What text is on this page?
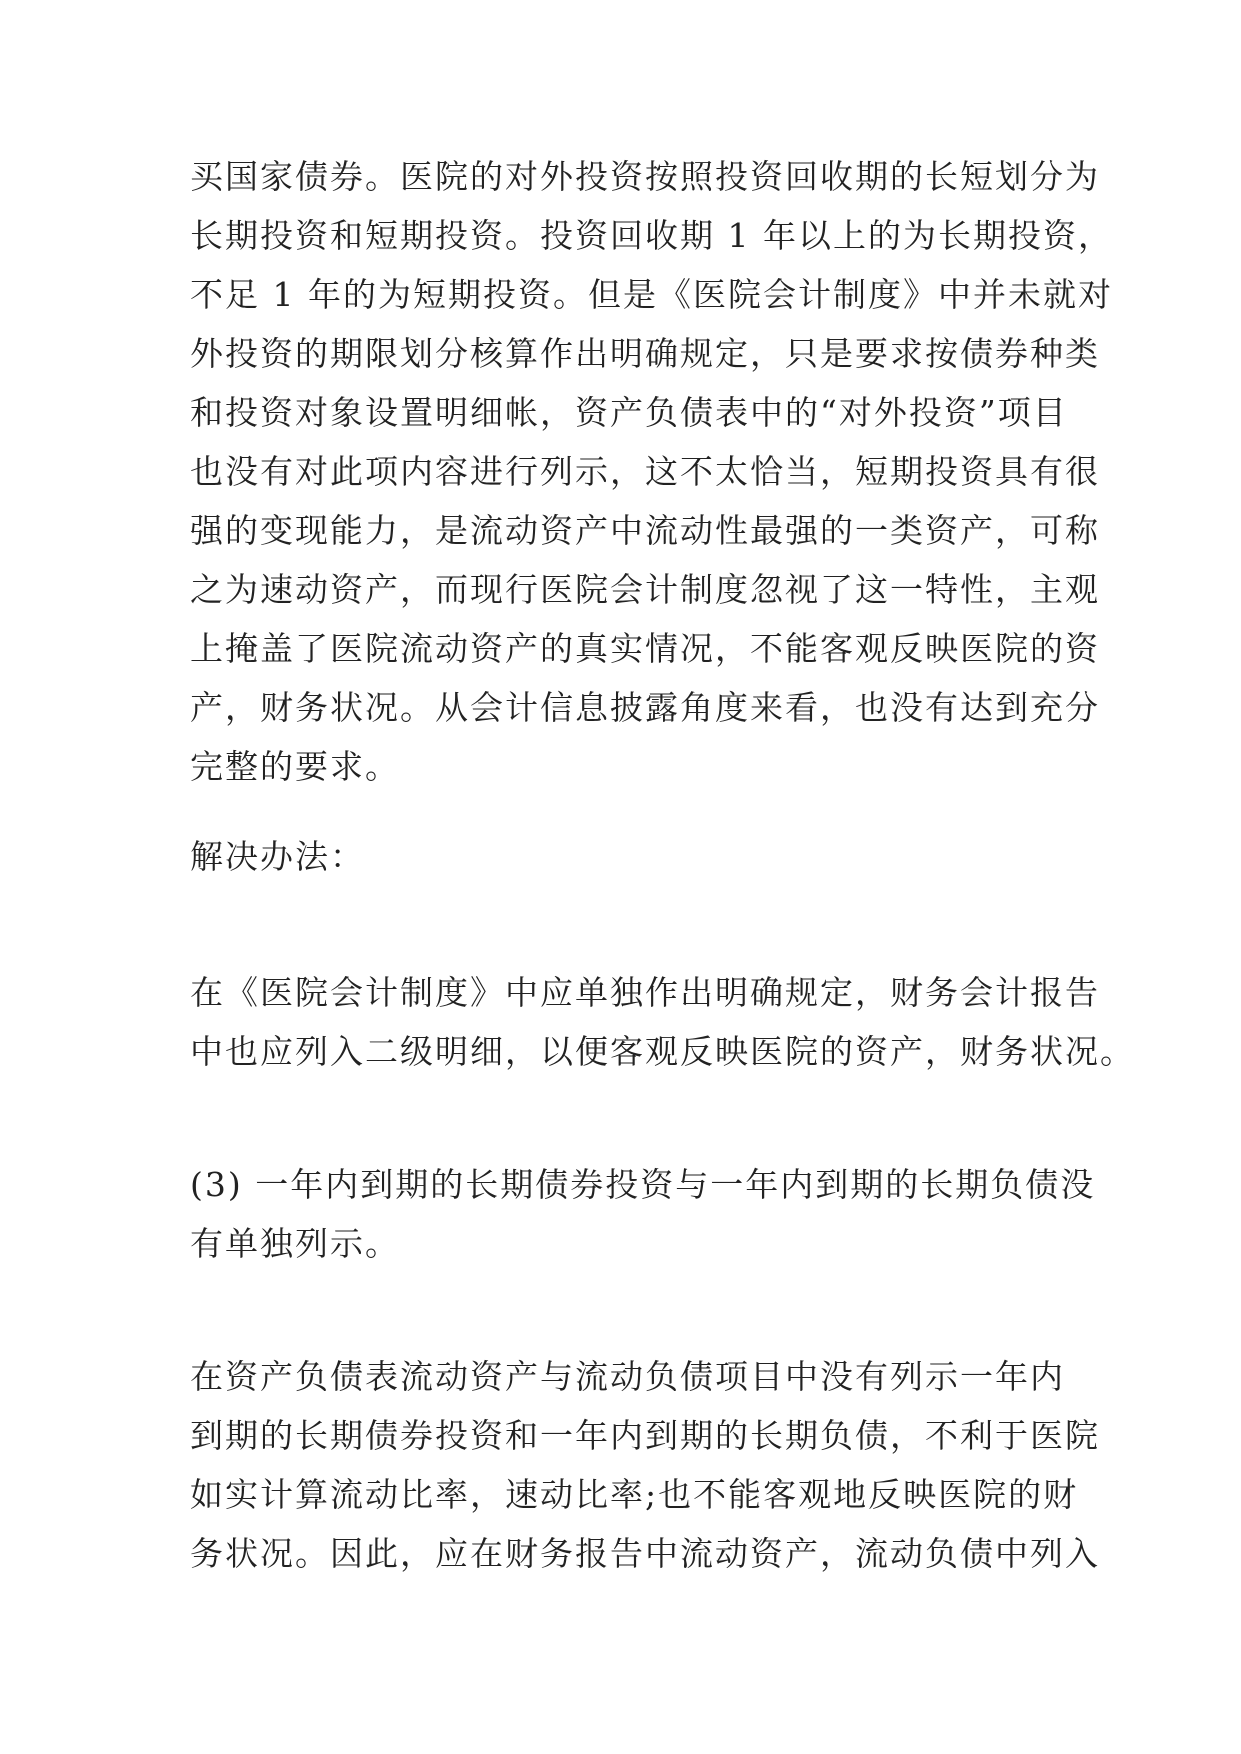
买国家债券。医院的对外投资按照投资回收期的长短划分为
长期投资和短期投资。投资回收期 1 年以上的为长期投资，
不足 1 年的为短期投资。但是《医院会计制度》中并未就对
外投资的期限划分核算作出明确规定，只是要求按债券种类
和投资对象设置明细帐，资产负债表中的“对外投资”项目
也没有对此项内容进行列示，这不太恰当，短期投资具有很
强的变现能力，是流动资产中流动性最强的一类资产，可称
之为速动资产，而现行医院会计制度忽视了这一特性，主观
上掩盖了医院流动资产的真实情况，不能客观反映医院的资
产，财务状况。从会计信息披露角度来看，也没有达到充分
完整的要求。
解决办法：
在《医院会计制度》中应单独作出明确规定，财务会计报告
中也应列入二级明细，以便客观反映医院的资产，财务状况。
(3) 一年内到期的长期债券投资与一年内到期的长期负债没
有单独列示。
在资产负债表流动资产与流动负债项目中没有列示一年内
到期的长期债券投资和一年内到期的长期负债，不利于医院
如实计算流动比率，速动比率;也不能客观地反映医院的财
务状况。因此，应在财务报告中流动资产，流动负债中列入
